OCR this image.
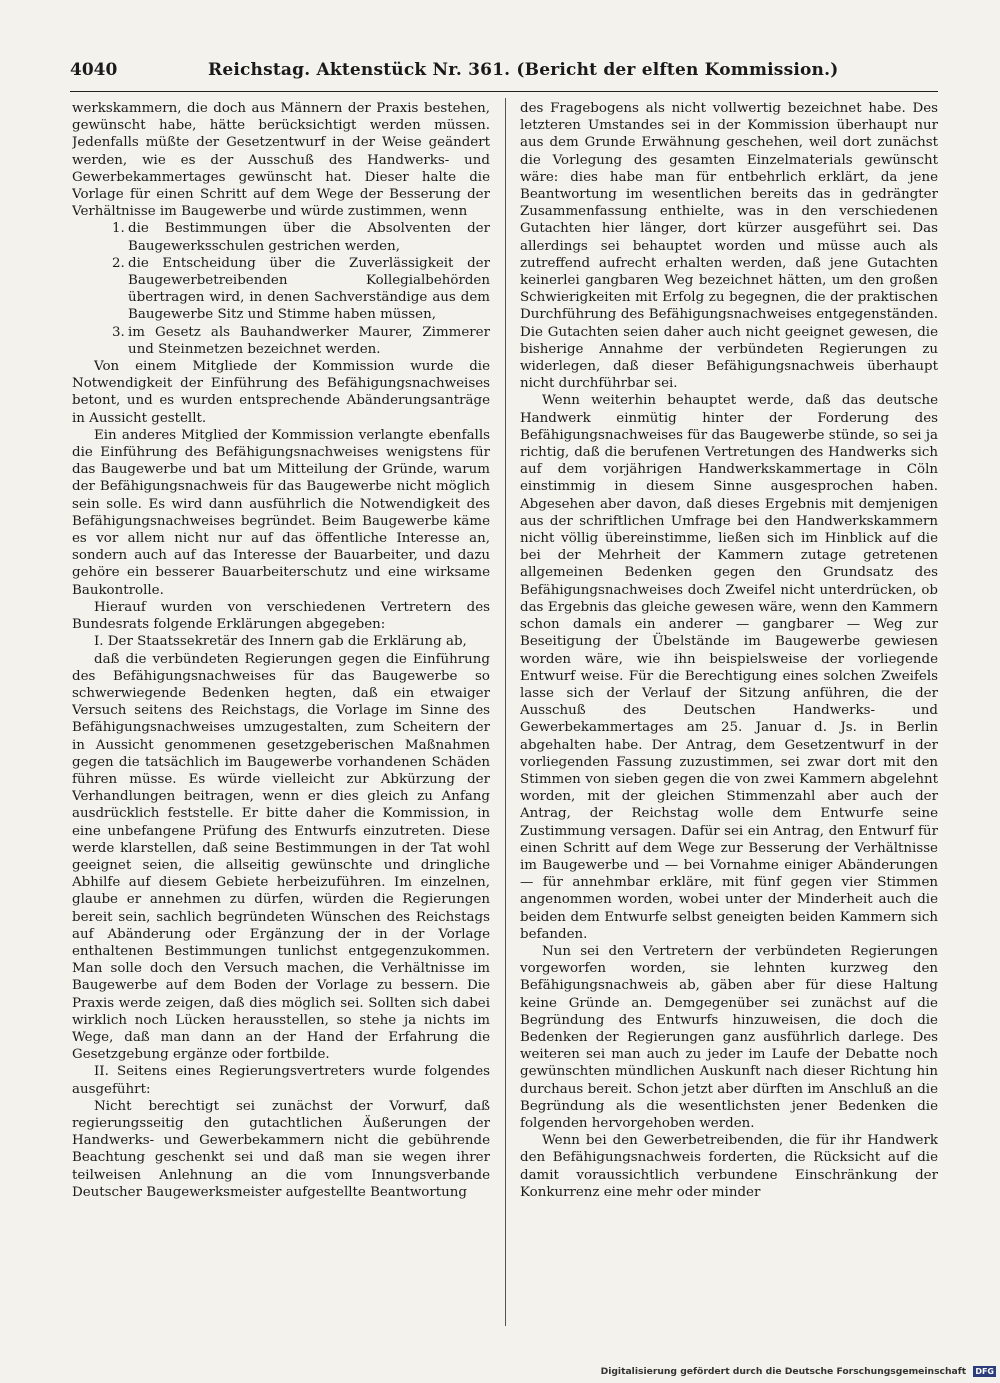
4040	Reichstag. Aktenstück Nr. 361. (Bericht der elften Kommission.)

werkskammern, die doch aus Männern der Praxis bestehen, gewünscht habe, hätte berücksichtigt werden müssen. Jedenfalls müßte der Gesetzentwurf in der Weise geändert werden, wie es der Ausschuß des Handwerks- und Gewerbekammertages gewünscht hat. Dieser halte die Vorlage für einen Schritt auf dem Wege der Besserung der Verhältnisse im Baugewerbe und würde zustimmen, wenn

1. die Bestimmungen über die Absolventen der Baugewerksschulen gestrichen werden,
2. die Entscheidung über die Zuverlässigkeit der Baugewerbetreibenden Kollegialbehörden übertragen wird, in denen Sachverständige aus dem Baugewerbe Sitz und Stimme haben müssen,
3. im Gesetz als Bauhandwerker Maurer, Zimmerer und Steinmetzen bezeichnet werden.

Von einem Mitgliede der Kommission wurde die Notwendigkeit der Einführung des Befähigungsnachweises betont, und es wurden entsprechende Abänderungsanträge in Aussicht gestellt.

Ein anderes Mitglied der Kommission verlangte ebenfalls die Einführung des Befähigungsnachweises wenigstens für das Baugewerbe und bat um Mitteilung der Gründe, warum der Befähigungsnachweis für das Baugewerbe nicht möglich sein solle. Es wird dann ausführlich die Notwendigkeit des Befähigungsnachweises begründet. Beim Baugewerbe käme es vor allem nicht nur auf das öffentliche Interesse an, sondern auch auf das Interesse der Bauarbeiter, und dazu gehöre ein besserer Bauarbeiterschutz und eine wirksame Baukontrolle.

Hierauf wurden von verschiedenen Vertretern des Bundesrats folgende Erklärungen abgegeben:

I. Der Staatssekretär des Innern gab die Erklärung ab,

daß die verbündeten Regierungen gegen die Einführung des Befähigungsnachweises für das Baugewerbe so schwerwiegende Bedenken hegten, daß ein etwaiger Versuch seitens des Reichstags, die Vorlage im Sinne des Befähigungsnachweises umzugestalten, zum Scheitern der in Aussicht genommenen gesetzgeberischen Maßnahmen gegen die tatsächlich im Baugewerbe vorhandenen Schäden führen müsse. Es würde vielleicht zur Abkürzung der Verhandlungen beitragen, wenn er dies gleich zu Anfang ausdrücklich feststelle. Er bitte daher die Kommission, in eine unbefangene Prüfung des Entwurfs einzutreten. Diese werde klarstellen, daß seine Bestimmungen in der Tat wohl geeignet seien, die allseitig gewünschte und dringliche Abhilfe auf diesem Gebiete herbeizuführen. Im einzelnen, glaube er annehmen zu dürfen, würden die Regierungen bereit sein, sachlich begründeten Wünschen des Reichstags auf Abänderung oder Ergänzung der in der Vorlage enthaltenen Bestimmungen tunlichst entgegenzukommen. Man solle doch den Versuch machen, die Verhältnisse im Baugewerbe auf dem Boden der Vorlage zu bessern. Die Praxis werde zeigen, daß dies möglich sei. Sollten sich dabei wirklich noch Lücken herausstellen, so stehe ja nichts im Wege, daß man dann an der Hand der Erfahrung die Gesetzgebung ergänze oder fortbilde.

II. Seitens eines Regierungsvertreters wurde folgendes ausgeführt:

Nicht berechtigt sei zunächst der Vorwurf, daß regierungsseitig den gutachtlichen Äußerungen der Handwerks- und Gewerbekammern nicht die gebührende Beachtung geschenkt sei und daß man sie wegen ihrer teilweisen Anlehnung an die vom Innungsverbande Deutscher Baugewerksmeister aufgestellte Beantwortung

des Fragebogens als nicht vollwertig bezeichnet habe. Des letzteren Umstandes sei in der Kommission überhaupt nur aus dem Grunde Erwähnung geschehen, weil dort zunächst die Vorlegung des gesamten Einzelmaterials gewünscht wäre: dies habe man für entbehrlich erklärt, da jene Beantwortung im wesentlichen bereits das in gedrängter Zusammenfassung enthielte, was in den verschiedenen Gutachten hier länger, dort kürzer ausgeführt sei. Das allerdings sei behauptet worden und müsse auch als zutreffend aufrecht erhalten werden, daß jene Gutachten keinerlei gangbaren Weg bezeichnet hätten, um den großen Schwierigkeiten mit Erfolg zu begegnen, die der praktischen Durchführung des Befähigungsnachweises entgegenständen. Die Gutachten seien daher auch nicht geeignet gewesen, die bisherige Annahme der verbündeten Regierungen zu widerlegen, daß dieser Befähigungsnachweis überhaupt nicht durchführbar sei.

Wenn weiterhin behauptet werde, daß das deutsche Handwerk einmütig hinter der Forderung des Befähigungsnachweises für das Baugewerbe stünde, so sei ja richtig, daß die berufenen Vertretungen des Handwerks sich auf dem vorjährigen Handwerkskammertage in Cöln einstimmig in diesem Sinne ausgesprochen haben. Abgesehen aber davon, daß dieses Ergebnis mit demjenigen aus der schriftlichen Umfrage bei den Handwerkskammern nicht völlig übereinstimme, ließen sich im Hinblick auf die bei der Mehrheit der Kammern zutage getretenen allgemeinen Bedenken gegen den Grundsatz des Befähigungsnachweises doch Zweifel nicht unterdrücken, ob das Ergebnis das gleiche gewesen wäre, wenn den Kammern schon damals ein anderer — gangbarer — Weg zur Beseitigung der Übelstände im Baugewerbe gewiesen worden wäre, wie ihn beispielsweise der vorliegende Entwurf weise. Für die Berechtigung eines solchen Zweifels lasse sich der Verlauf der Sitzung anführen, die der Ausschuß des Deutschen Handwerks- und Gewerbekammertages am 25. Januar d. Js. in Berlin abgehalten habe. Der Antrag, dem Gesetzentwurf in der vorliegenden Fassung zuzustimmen, sei zwar dort mit den Stimmen von sieben gegen die von zwei Kammern abgelehnt worden, mit der gleichen Stimmenzahl aber auch der Antrag, der Reichstag wolle dem Entwurfe seine Zustimmung versagen. Dafür sei ein Antrag, den Entwurf für einen Schritt auf dem Wege zur Besserung der Verhältnisse im Baugewerbe und — bei Vornahme einiger Abänderungen — für annehmbar erkläre, mit fünf gegen vier Stimmen angenommen worden, wobei unter der Minderheit auch die beiden dem Entwurfe selbst geneigten beiden Kammern sich befanden.

Nun sei den Vertretern der verbündeten Regierungen vorgeworfen worden, sie lehnten kurzweg den Befähigungsnachweis ab, gäben aber für diese Haltung keine Gründe an. Demgegenüber sei zunächst auf die Begründung des Entwurfs hinzuweisen, die doch die Bedenken der Regierungen ganz ausführlich darlege. Des weiteren sei man auch zu jeder im Laufe der Debatte noch gewünschten mündlichen Auskunft nach dieser Richtung hin durchaus bereit. Schon jetzt aber dürften im Anschluß an die Begründung als die wesentlichsten jener Bedenken die folgenden hervorgehoben werden.

Wenn bei den Gewerbetreibenden, die für ihr Handwerk den Befähigungsnachweis forderten, die Rücksicht auf die damit voraussichtlich verbundene Einschränkung der Konkurrenz eine mehr oder minder

Digitalisierung gefördert durch die Deutsche Forschungsgemeinschaft DFG
